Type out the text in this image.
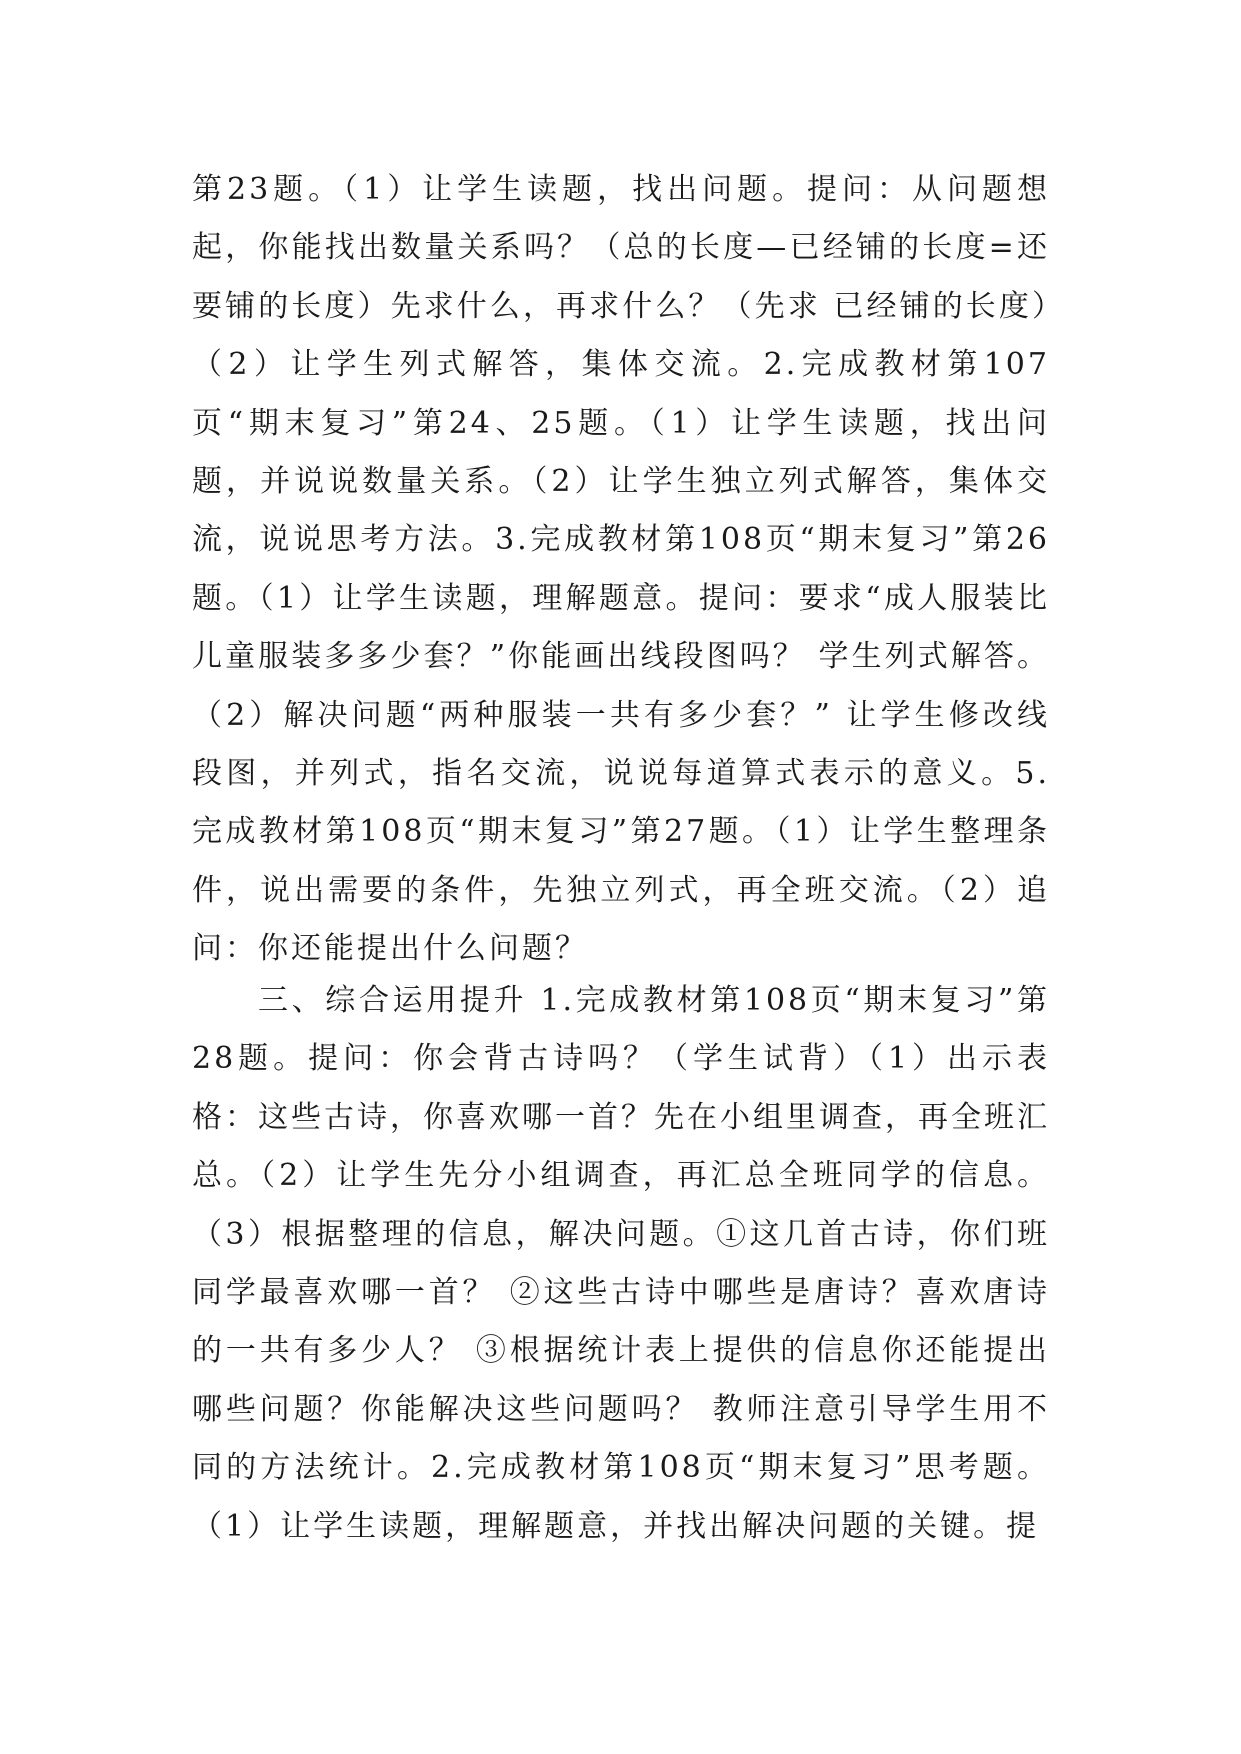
第23题。（1）让学生读题，找出问题。提问：从问题想起，你能找出数量关系吗？（总的长度—已经铺的长度=还要铺的长度）先求什么，再求什么？（先求 已经铺的长度）（2）让学生列式解答，集体交流。2.完成教材第107页“期末复习”第24、25题。（1）让学生读题，找出问题，并说说数量关系。（2）让学生独立列式解答，集体交流，说说思考方法。3.完成教材第108页“期末复习”第26题。（1）让学生读题，理解题意。提问：要求“成人服装比儿童服装多多少套？”你能画出线段图吗？ 学生列式解答。（2）解决问题“两种服装一共有多少套？” 让学生修改线段图，并列式，指名交流，说说每道算式表示的意义。5.完成教材第108页“期末复习”第27题。（1）让学生整理条件，说出需要的条件，先独立列式，再全班交流。（2）追问：你还能提出什么问题？

三、综合运用提升 1.完成教材第108页“期末复习”第28题。提问：你会背古诗吗？（学生试背）（1）出示表格：这些古诗，你喜欢哪一首？先在小组里调查，再全班汇总。（2）让学生先分小组调查，再汇总全班同学的信息。（3）根据整理的信息，解决问题。①这几首古诗，你们班同学最喜欢哪一首？ ②这些古诗中哪些是唐诗？喜欢唐诗的一共有多少人？ ③根据统计表上提供的信息你还能提出哪些问题？你能解决这些问题吗？ 教师注意引导学生用不同的方法统计。2.完成教材第108页“期末复习”思考题。（1）让学生读题，理解题意，并找出解决问题的关键。提
